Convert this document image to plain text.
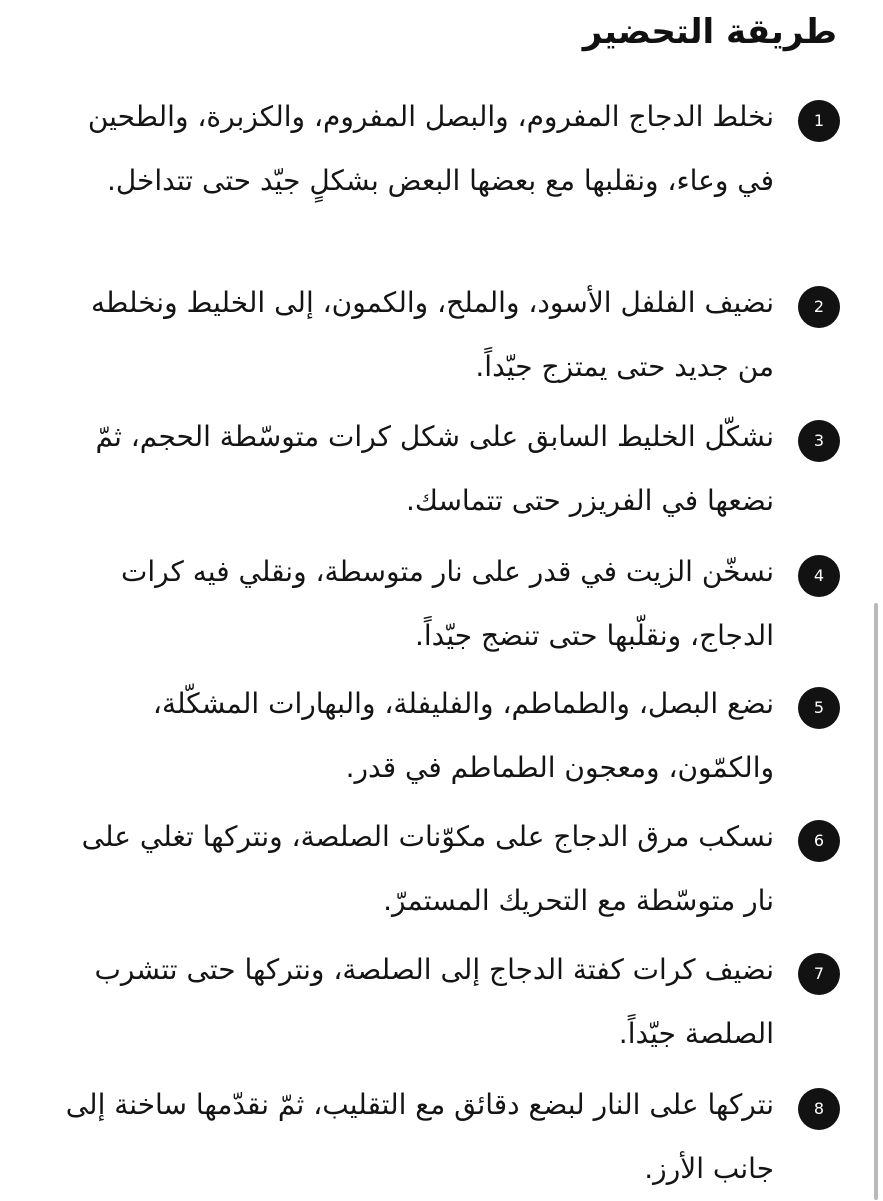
طريقة التحضير
1

نخلط الدجاج المفروم، والبصل المفروم، والكزبرة، والطحين في وعاء، ونقلبها مع بعضها البعض بشكلٍ جيّد حتى تتداخل.

2

نضيف الفلفل الأسود، والملح، والكمون، إلى الخليط ونخلطه من جديد حتى يمتزج جيّداً.

3

نشكّل الخليط السابق على شكل كرات متوسّطة الحجم، ثمّ نضعها في الفريزر حتى تتماسك.

4

نسخّن الزيت في قدر على نار متوسطة، ونقلي فيه كرات الدجاج، ونقلّبها حتى تنضج جيّداً.

5

نضع البصل، والطماطم، والفليفلة، والبهارات المشكّلة، والكمّون، ومعجون الطماطم في قدر.

6

نسكب مرق الدجاج على مكوّنات الصلصة، ونتركها تغلي على نار متوسّطة مع التحريك المستمرّ.

7

نضيف كرات كفتة الدجاج إلى الصلصة، ونتركها حتى تتشرب الصلصة جيّداً.

8

نتركها على النار لبضع دقائق مع التقليب، ثمّ نقدّمها ساخنة إلى جانب الأرز.
